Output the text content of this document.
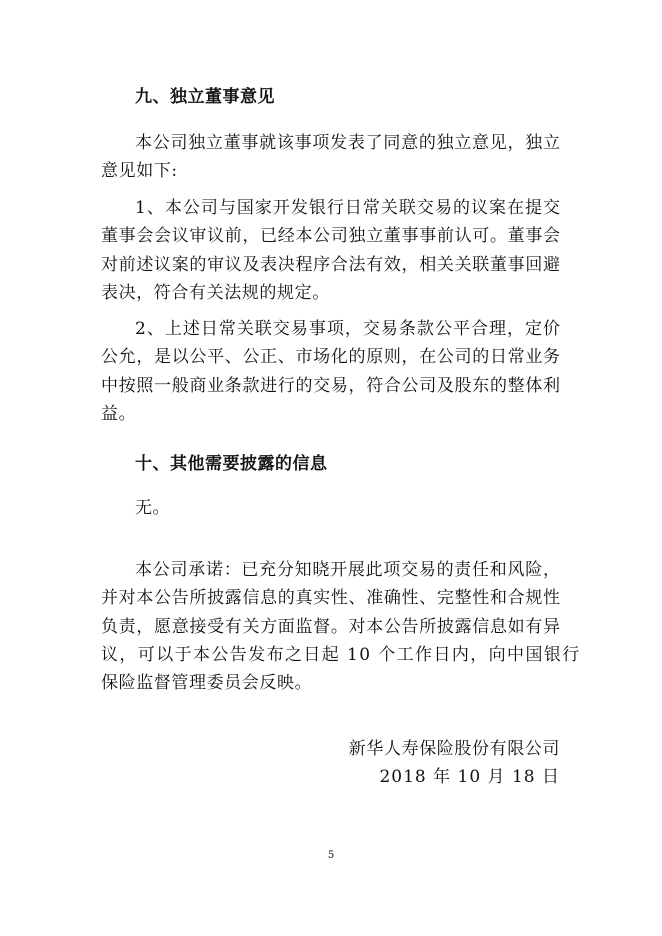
九、独立董事意见
本公司独立董事就该事项发表了同意的独立意见，独立
意见如下:
1、本公司与国家开发银行日常关联交易的议案在提交
董事会会议审议前，已经本公司独立董事事前认可。董事会
对前述议案的审议及表决程序合法有效，相关关联董事回避
表决，符合有关法规的规定。
2、上述日常关联交易事项，交易条款公平合理，定价
公允，是以公平、公正、市场化的原则，在公司的日常业务
中按照一般商业条款进行的交易，符合公司及股东的整体利
益。
十、其他需要披露的信息
无。
本公司承诺：已充分知晓开展此项交易的责任和风险，
并对本公告所披露信息的真实性、准确性、完整性和合规性
负责，愿意接受有关方面监督。对本公告所披露信息如有异
议，可以于本公告发布之日起 10 个工作日内，向中国银行
保险监督管理委员会反映。
新华人寿保险股份有限公司
2018 年 10 月 18 日
5
